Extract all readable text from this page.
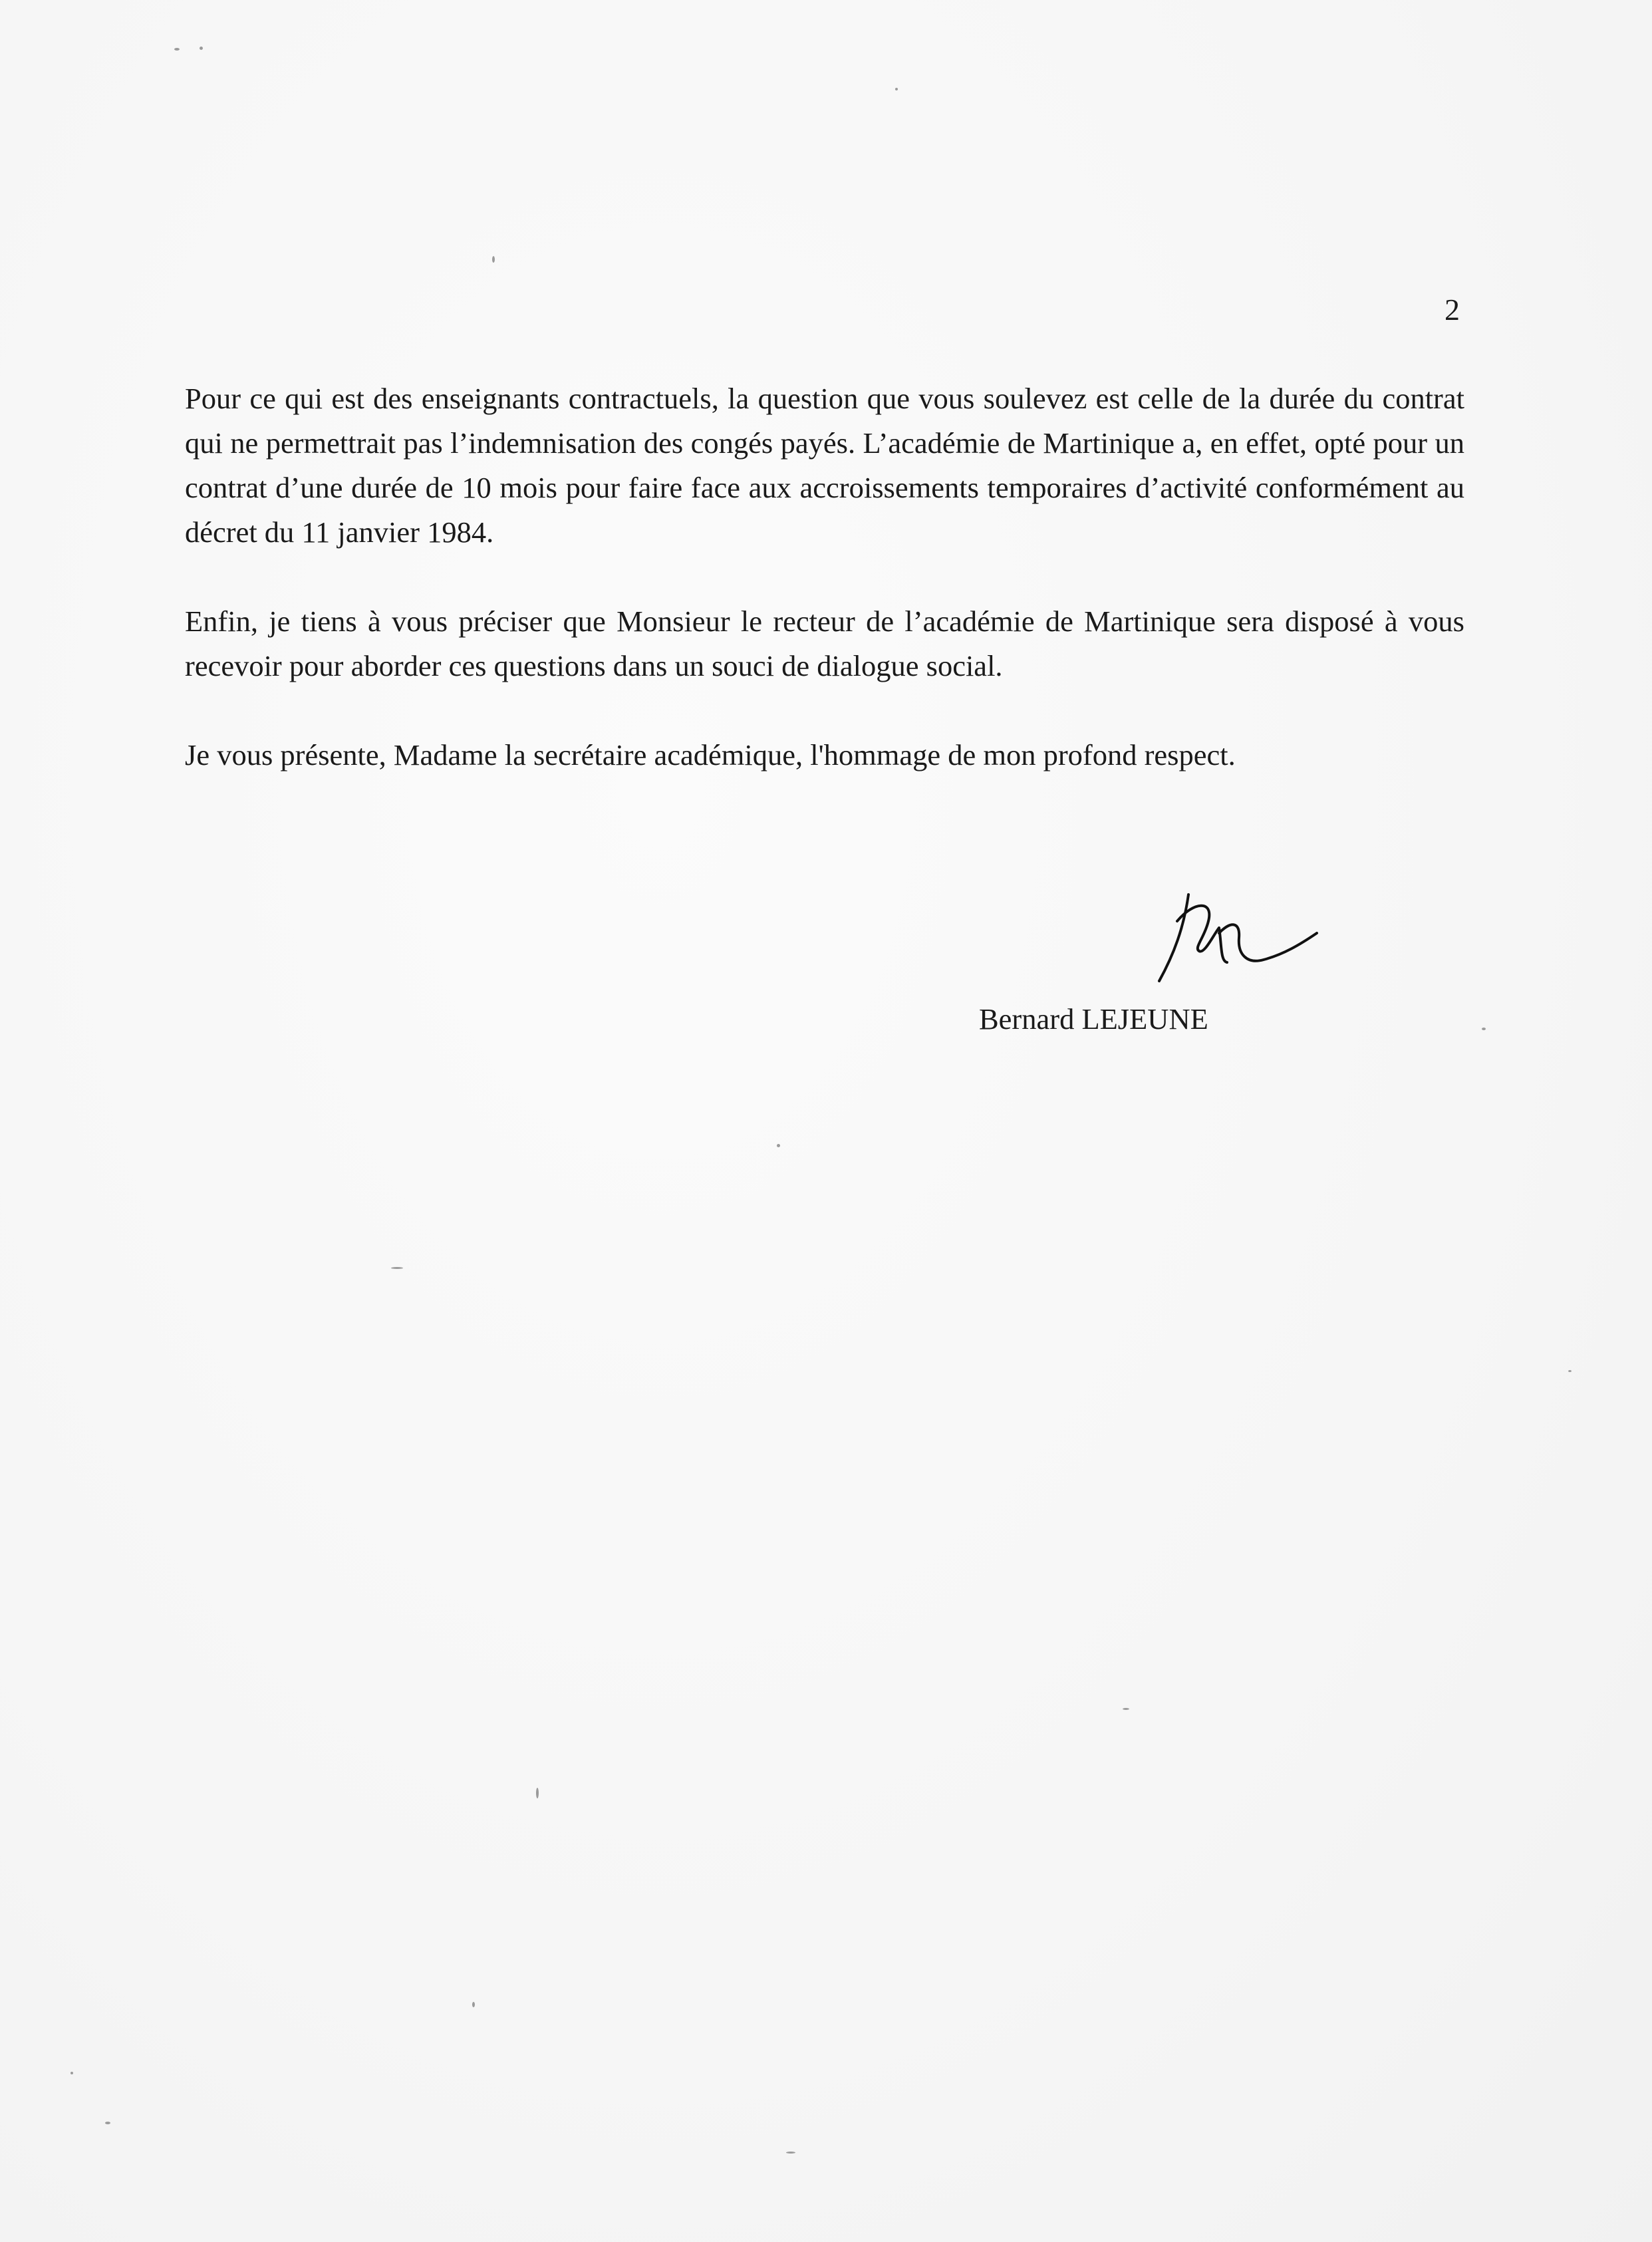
2

Pour ce qui est des enseignants contractuels, la question que vous soulevez est celle de la durée du contrat qui ne permettrait pas l’indemnisation des congés payés. L’académie de Martinique a, en effet, opté pour un contrat d’une durée de 10 mois pour faire face aux accroissements temporaires d’activité conformément au décret du 11 janvier 1984.

Enfin, je tiens à vous préciser que Monsieur le recteur de l’académie de Martinique sera disposé à vous recevoir pour aborder ces questions dans un souci de dialogue social.

Je vous présente, Madame la secrétaire académique, l'hommage de mon profond respect.

Bernard LEJEUNE
